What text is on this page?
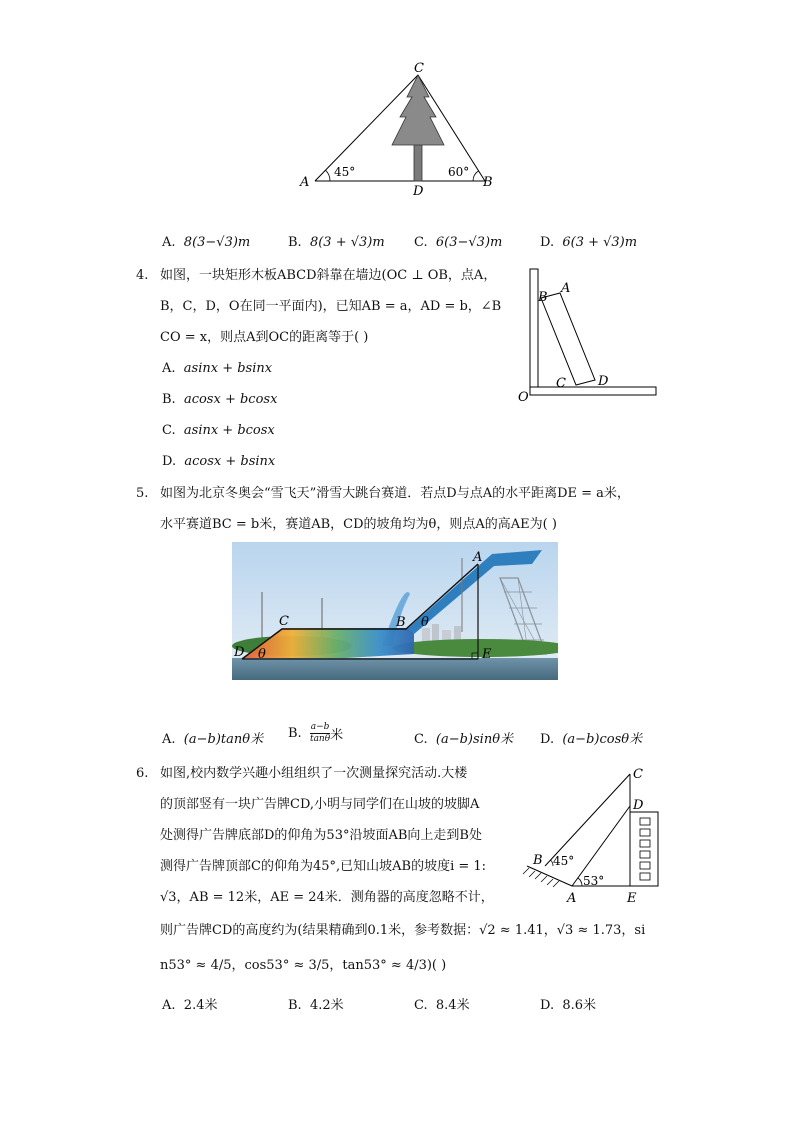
C
A
D
B
45°	60°
A. 8(3−√3)m	B. 8(3 + √3)m C. 6(3−√3)m	D. 6(3 + √3)m
4. 如图，一块矩形木板ABCD斜靠在墙边(OC ⊥ OB，点A，
B，C，D，O在同一平面内)，已知AB = a，AD = b，∠B
CO = x，则点A到OC的距离等于( )
A. asinx + bsinx
B. acosx + bcosx
C. asinx + bcosx
D. acosx + bsinx
B
A
C D
O
5. 如图为北京冬奥会“雪飞天”滑雪大跳台赛道．若点D与点A的水平距离DE = a米，
水平赛道BC = b米，赛道AB，CD的坡角均为θ，则点A的高AE为( )
A
B
C
D	E
θ
θ
A. (a−b)tanθ米 B. $\frac{a-b}{\tan\theta}$ 米	C. (a−b)sinθ米 D. (a−b)cosθ米
6. 如图,校内数学兴趣小组组织了一次测量探究活动.大楼
的顶部竖有一块广告牌CD,小明与同学们在山坡的坡脚A
处测得广告牌底部D的仰角为53°沿坡面AB向上走到B处
测得广告牌顶部C的仰角为45°,已知山坡AB的坡度i = 1:
√3，AB = 12米，AE = 24米．测角器的高度忽略不计，
则广告牌CD的高度约为(结果精确到0.1米，参考数据：√2 ≈ 1.41，√3 ≈ 1.73，si
n53° ≈ 4/5，cos53° ≈ 3/5，tan53° ≈ 4/3)( )
C
D
B
A	E
45°
53°
A. 2.4米	B. 4.2米	C. 8.4米	D. 8.6米
